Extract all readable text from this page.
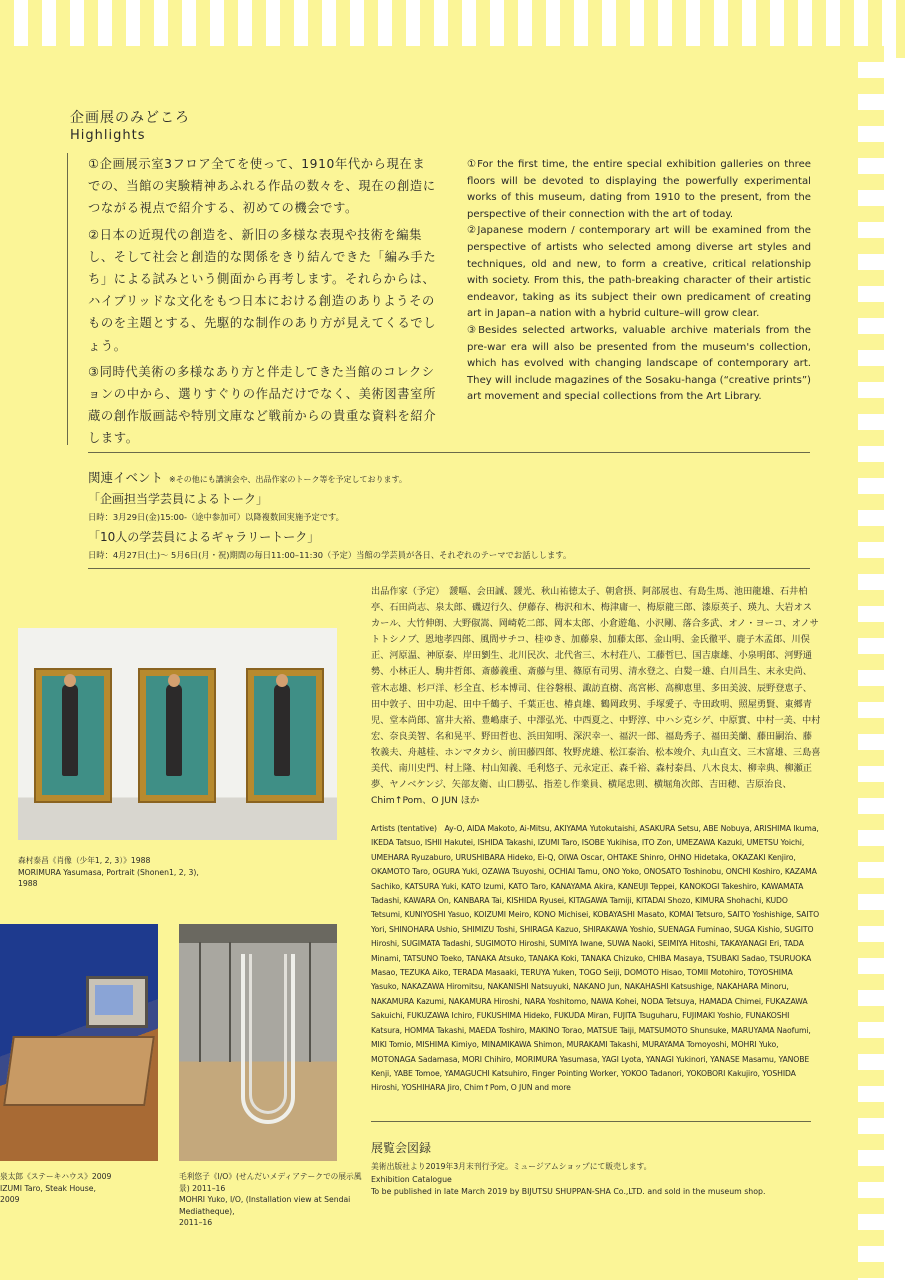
企画展のみどころ
Highlights

①企画展示室3フロア全てを使って、1910年代から現在までの、当館の実験精神あふれる作品の数々を、現在の創造につながる視点で紹介する、初めての機会です。

②日本の近現代の創造を、新旧の多様な表現や技術を編集し、そして社会と創造的な関係をきり結んできた「編み手たち」による試みという側面から再考します。それらからは、ハイブリッドな文化をもつ日本における創造のありようそのものを主題とする、先駆的な制作のあり方が見えてくるでしょう。

③同時代美術の多様なあり方と伴走してきた当館のコレクションの中から、選りすぐりの作品だけでなく、美術図書室所蔵の創作版画誌や特別文庫など戦前からの貴重な資料を紹介します。

①For the first time, the entire special exhibition galleries on three floors will be devoted to displaying the powerfully experimental works of this museum, dating from 1910 to the present, from the perspective of their connection with the art of today.

②Japanese modern / contemporary art will be examined from the perspective of artists who selected among diverse art styles and techniques, old and new, to form a creative, critical relationship with society. From this, the path-breaking character of their artistic endeavor, taking as its subject their own predicament of creating art in Japan–a nation with a hybrid culture–will grow clear.

③Besides selected artworks, valuable archive materials from the pre-war era will also be presented from the museum's collection, which has evolved with changing landscape of contemporary art. They will include magazines of the Sosaku-hanga (“creative prints”) art movement and special collections from the Art Library.

関連イベント ※その他にも講演会や、出品作家のトーク等を予定しております。
「企画担当学芸員によるトーク」
日時：3月29日(金)15:00-（途中参加可）以降複数回実施予定です。
「10人の学芸員によるギャラリートーク」
日時：4月27日(土)～ 5月6日(月・祝)期間の毎日11:00–11:30（予定）当館の学芸員が各日、それぞれのテーマでお話しします。
森村泰昌《肖像（少年1, 2, 3）》1988
MORIMURA Yasumasa, Portrait (Shonen1, 2, 3),
1988
出品作家（予定）　靉嘔、会田誠、靉光、秋山祐徳太子、朝倉摂、阿部展也、有島生馬、池田龍雄、石井柏亭、石田尚志、泉太郎、磯辺行久、伊藤存、梅沢和木、梅津庸一、梅原龍三郎、漆原英子、瑛九、大岩オスカール、大竹伸朗、大野俶嵩、岡崎乾二郎、岡本太郎、小倉遊亀、小沢剛、落合多武、オノ・ヨーコ、オノサトトシノブ、恩地孝四郎、風間サチコ、桂ゆき、加藤泉、加藤太郎、金山明、金氏徹平、鹿子木孟郎、川俣正、河原温、神原泰、岸田劉生、北川民次、北代省三、木村荘八、工藤哲巳、国吉康雄、小泉明郎、河野通勢、小林正人、駒井哲郎、斎藤義重、斎藤与里、篠原有司男、清水登之、白髪一雄、白川昌生、末永史尚、菅木志雄、杉戸洋、杉全直、杉本博司、住谷磐根、諏訪直樹、高宮彬、高柳恵里、多田美波、辰野登恵子、田中敦子、田中功起、田中千鶴子、千葉正也、椿貞雄、鶴岡政男、手塚愛子、寺田政明、照屋勇賢、東郷青児、堂本尚郎、富井大裕、豊嶋康子、中澤弘光、中西夏之、中野淳、中ハシ克シゲ、中原實、中村一美、中村宏、奈良美智、名和晃平、野田哲也、浜田知明、深沢幸一、福沢一郎、福島秀子、福田美蘭、藤田嗣治、藤牧義夫、舟越桂、ホンマタカシ、前田藤四郎、牧野虎雄、松江泰治、松本竣介、丸山直文、三木富雄、三島喜美代、南川史門、村上隆、村山知義、毛利悠子、元永定正、森千裕、森村泰昌、八木良太、柳幸典、柳瀬正夢、ヤノベケンジ、矢部友衛、山口勝弘、指差し作業員、横尾忠則、横堀角次郎、吉田穂、吉原治良、Chim↑Pom、O JUN ほか
Artists (tentative)　Ay-O, AIDA Makoto, Ai-Mitsu, AKIYAMA Yutokutaishi, ASAKURA Setsu, ABE Nobuya, ARISHIMA Ikuma, IKEDA Tatsuo, ISHII Hakutei, ISHIDA Takashi, IZUMI Taro, ISOBE Yukihisa, ITO Zon, UMEZAWA Kazuki, UMETSU Yoichi, UMEHARA Ryuzaburo, URUSHIBARA Hideko, Ei-Q, OIWA Oscar, OHTAKE Shinro, OHNO Hidetaka, OKAZAKI Kenjiro, OKAMOTO Taro, OGURA Yuki, OZAWA Tsuyoshi, OCHIAI Tamu, ONO Yoko, ONOSATO Toshinobu, ONCHI Koshiro, KAZAMA Sachiko, KATSURA Yuki, KATO Izumi, KATO Taro, KANAYAMA Akira, KANEUJI Teppei, KANOKOGI Takeshiro, KAWAMATA Tadashi, KAWARA On, KANBARA Tai, KISHIDA Ryusei, KITAGAWA Tamiji, KITADAI Shozo, KIMURA Shohachi, KUDO Tetsumi, KUNIYOSHI Yasuo, KOIZUMI Meiro, KONO Michisei, KOBAYASHI Masato, KOMAI Tetsuro, SAITO Yoshishige, SAITO Yori, SHINOHARA Ushio, SHIMIZU Toshi, SHIRAGA Kazuo, SHIRAKAWA Yoshio, SUENAGA Fuminao, SUGA Kishio, SUGITO Hiroshi, SUGIMATA Tadashi, SUGIMOTO Hiroshi, SUMIYA Iwane, SUWA Naoki, SEIMIYA Hitoshi, TAKAYANAGI Eri, TADA Minami, TATSUNO Toeko, TANAKA Atsuko, TANAKA Koki, TANAKA Chizuko, CHIBA Masaya, TSUBAKI Sadao, TSURUOKA Masao, TEZUKA Aiko, TERADA Masaaki, TERUYA Yuken, TOGO Seiji, DOMOTO Hisao, TOMII Motohiro, TOYOSHIMA Yasuko, NAKAZAWA Hiromitsu, NAKANISHI Natsuyuki, NAKANO Jun, NAKAHASHI Katsushige, NAKAHARA Minoru, NAKAMURA Kazumi, NAKAMURA Hiroshi, NARA Yoshitomo, NAWA Kohei, NODA Tetsuya, HAMADA Chimei, FUKAZAWA Sakuichi, FUKUZAWA Ichiro, FUKUSHIMA Hideko, FUKUDA Miran, FUJITA Tsuguharu, FUJIMAKI Yoshio, FUNAKOSHI Katsura, HOMMA Takashi, MAEDA Toshiro, MAKINO Torao, MATSUE Taiji, MATSUMOTO Shunsuke, MARUYAMA Naofumi, MIKI Tomio, MISHIMA Kimiyo, MINAMIKAWA Shimon, MURAKAMI Takashi, MURAYAMA Tomoyoshi, MOHRI Yuko, MOTONAGA Sadamasa, MORI Chihiro, MORIMURA Yasumasa, YAGI Lyota, YANAGI Yukinori, YANASE Masamu, YANOBE Kenji, YABE Tomoe, YAMAGUCHI Katsuhiro, Finger Pointing Worker, YOKOO Tadanori, YOKOBORI Kakujiro, YOSHIDA Hiroshi, YOSHIHARA Jiro, Chim↑Pom, O JUN and more
泉太郎《ステーキハウス》2009
IZUMI Taro, Steak House,
2009
毛利悠子《I/O》(せんだいメディアテークでの展示風景) 2011–16
MOHRI Yuko, I/O, (Installation view at Sendai Mediatheque),
2011–16
展覧会図録
美術出版社より2019年3月末刊行予定。ミュージアムショップにて販売します。
Exhibition Catalogue
To be published in late March 2019 by BIJUTSU SHUPPAN-SHA Co.,LTD. and sold in the museum shop.
